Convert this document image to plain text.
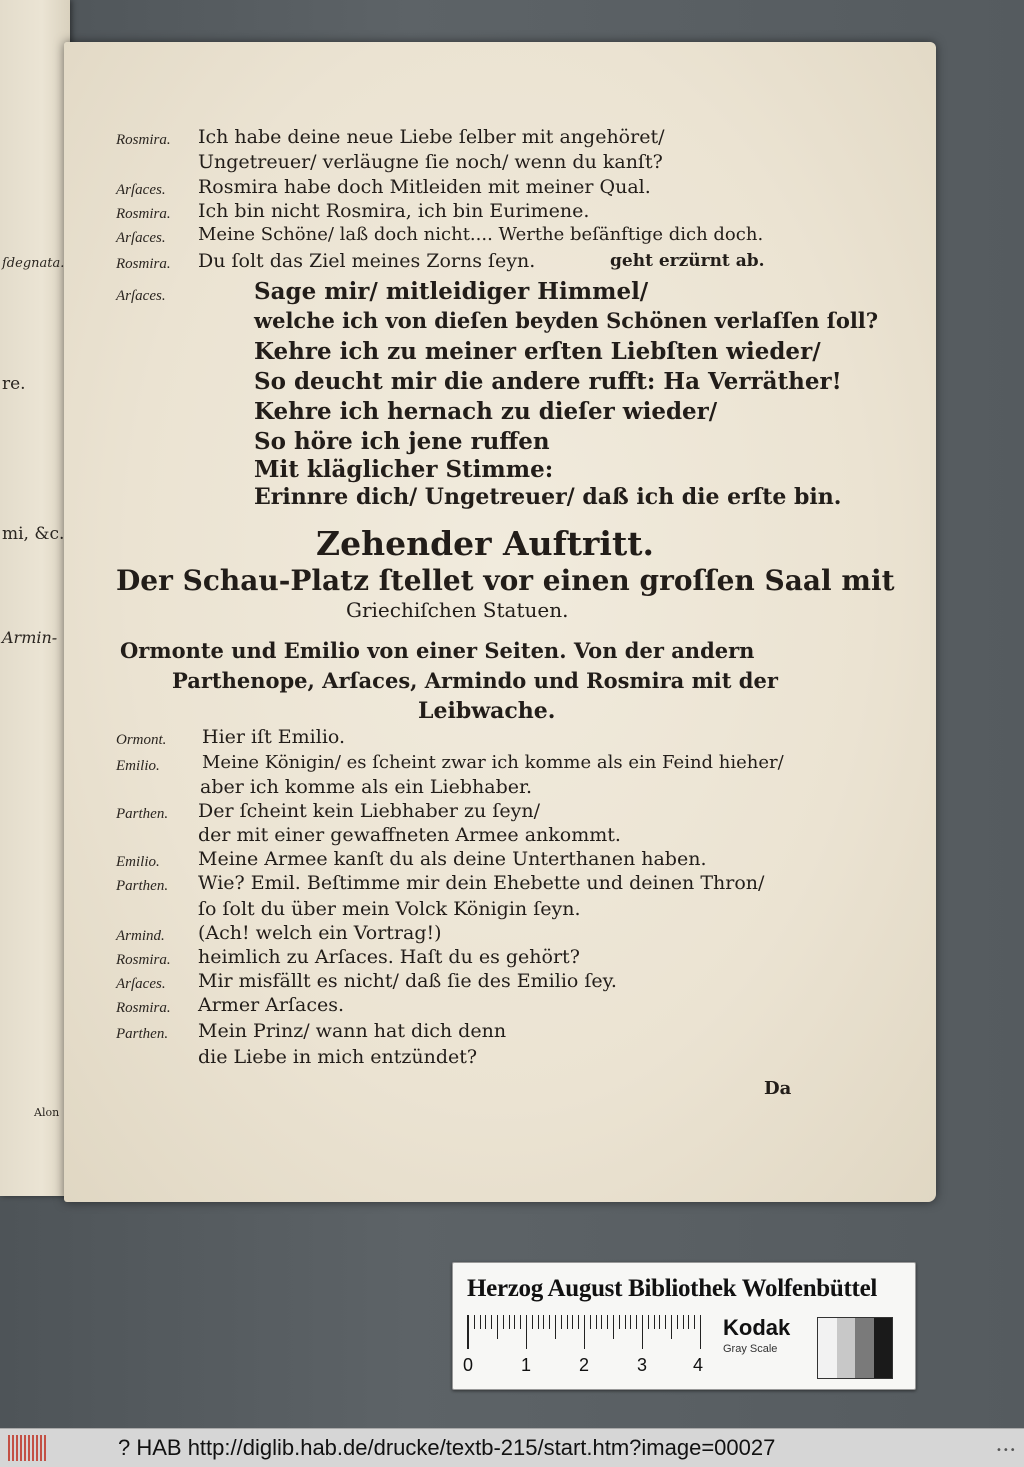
ſdegnata.
re.
mi, &c.
Armin-
Alon
Rosmira. Ich habe deine neue Liebe ſelber mit angehöret/
Ungetreuer/ verläugne ſie noch/ wenn du kanſt?
Arſaces. Rosmira habe doch Mitleiden mit meiner Qual.
Rosmira. Ich bin nicht Rosmira, ich bin Eurimene.
Arſaces. Meine Schöne/ laß doch nicht.... Werthe beſänftige dich doch.
Rosmira. Du ſolt das Ziel meines Zorns ſeyn.	geht erzürnt ab.
Arſaces.	Sage mir/ mitleidiger Himmel/
welche ich von dieſen beyden Schönen verlaſſen ſoll?
Kehre ich zu meiner erſten Liebſten wieder/
So deucht mir die andere rufft: Ha Verräther!
Kehre ich hernach zu dieſer wieder/
So höre ich jene ruffen
Mit kläglicher Stimme:
Erinnre dich/ Ungetreuer/ daß ich die erſte bin.
Zehender Auftritt.
Der Schau-Platz ſtellet vor einen groſſen Saal mit
Griechiſchen Statuen.
Ormonte und Emilio von einer Seiten. Von der andern
Parthenope, Arſaces, Armindo und Rosmira mit der
Leibwache.
Ormont. Hier iſt Emilio.
Emilio. Meine Königin/ es ſcheint zwar ich komme als ein Feind hieher/
aber ich komme als ein Liebhaber.
Parthen. Der ſcheint kein Liebhaber zu ſeyn/
der mit einer gewaffneten Armee ankommt.
Emilio. Meine Armee kanſt du als deine Unterthanen haben.
Parthen. Wie? Emil. Beſtimme mir dein Ehebette und deinen Thron/
ſo ſolt du über mein Volck Königin ſeyn.
Armind. (Ach! welch ein Vortrag!)
Rosmira. heimlich zu Arſaces. Haſt du es gehört?
Arſaces. Mir misfällt es nicht/ daß ſie des Emilio ſey.
Rosmira. Armer Arſaces.
Parthen. Mein Prinz/ wann hat dich denn
die Liebe in mich entzündet?
Da
Herzog August Bibliothek Wolfenbüttel
0	1	2	3	4
Kodak
Gray Scale
? HAB http://diglib.hab.de/drucke/textb-215/start.htm?image=00027	•••
